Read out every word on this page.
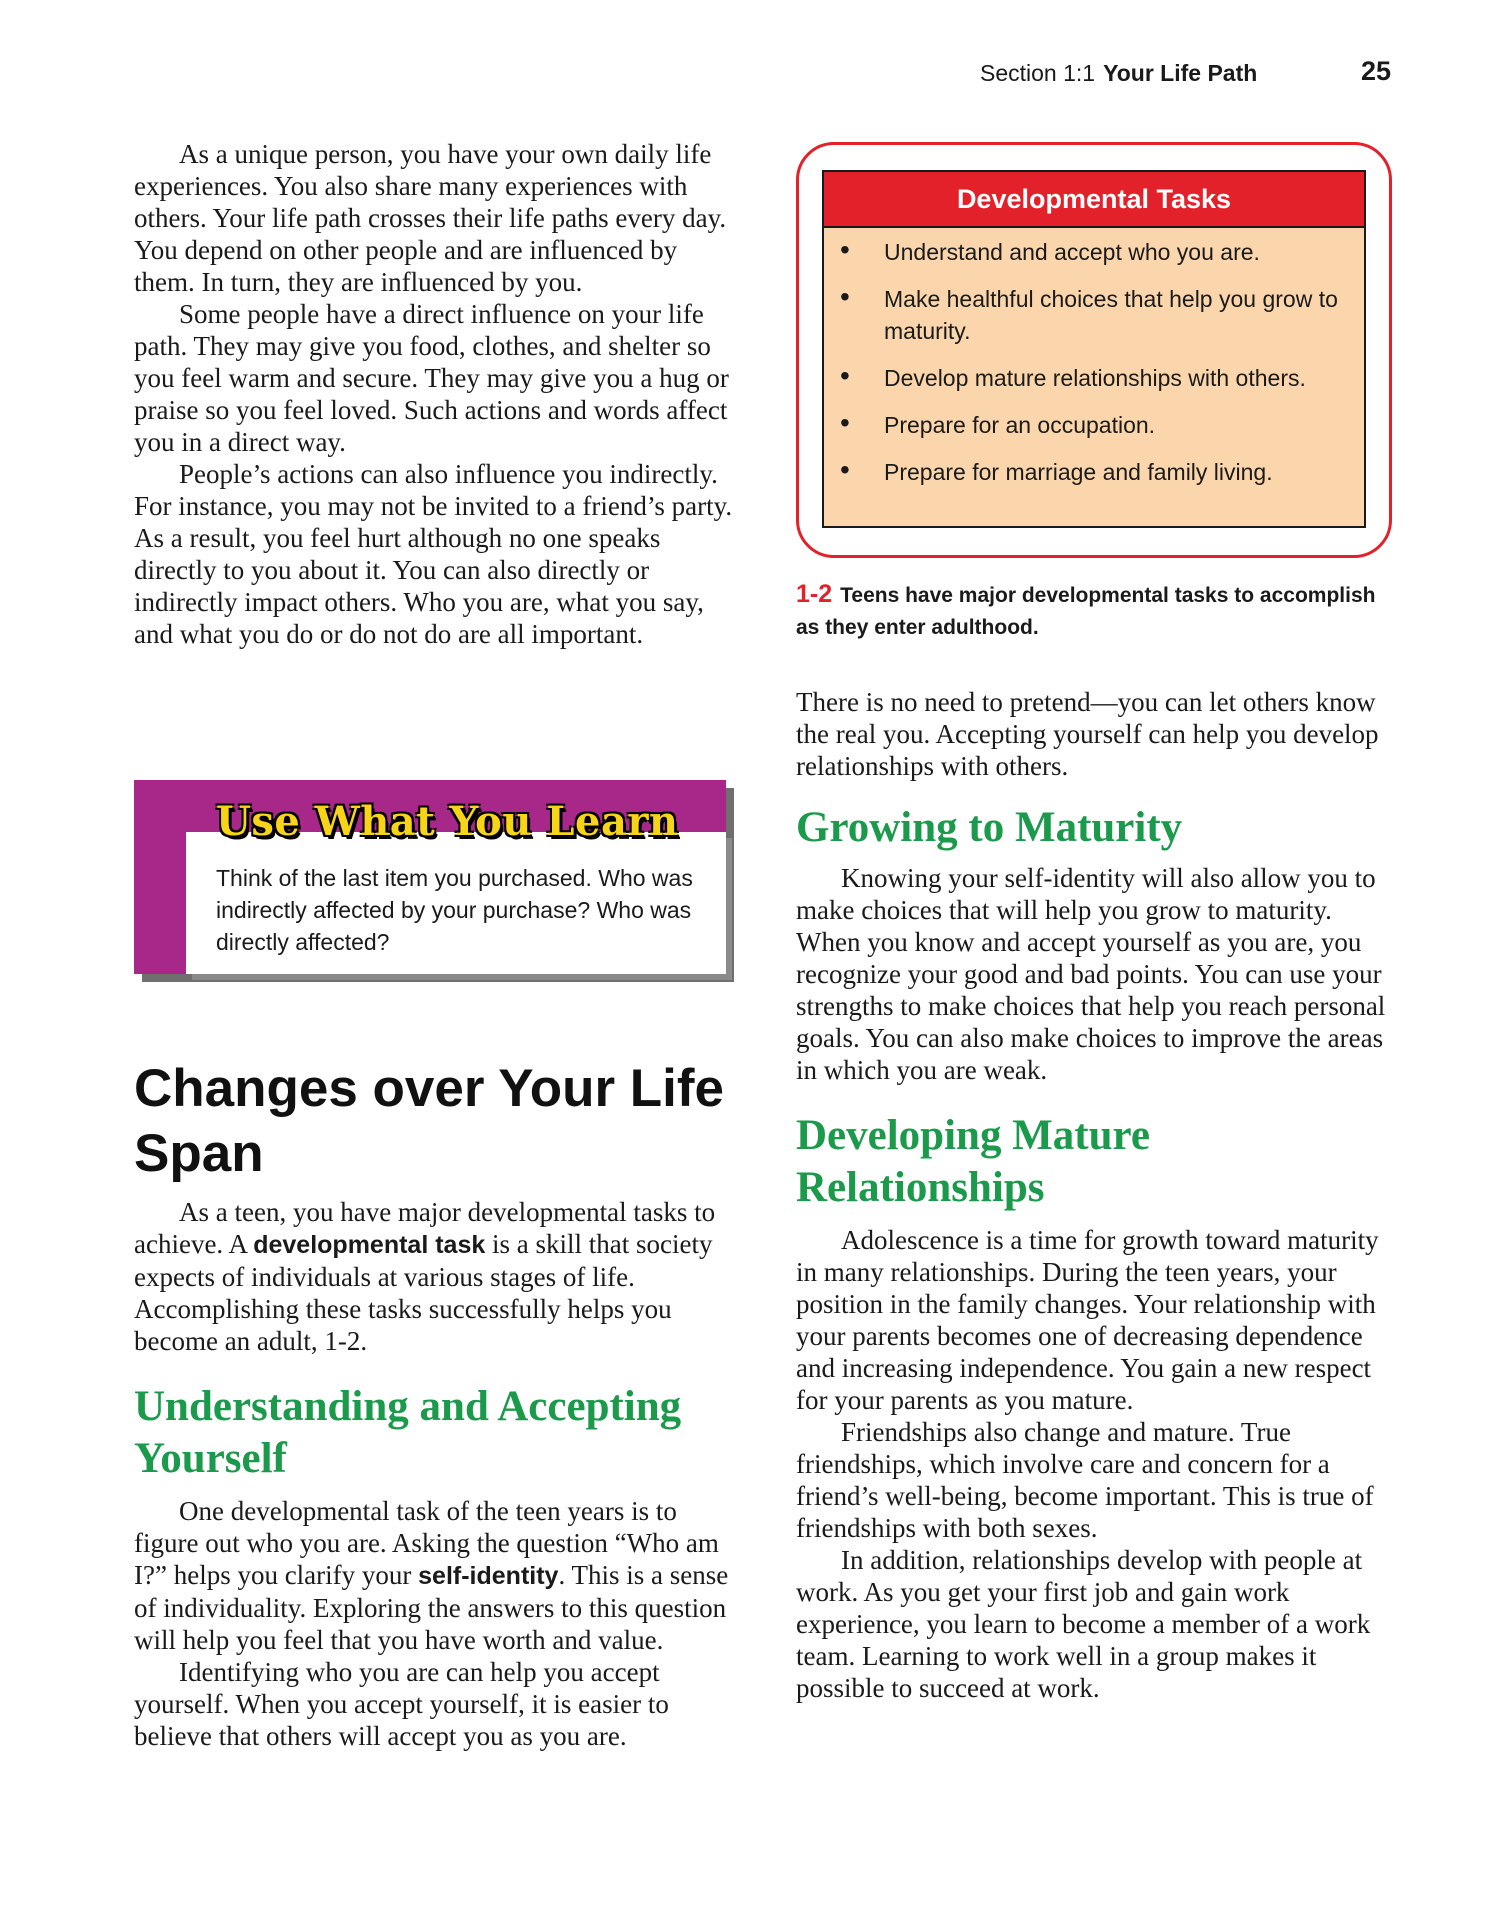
Section 1:1 Your Life Path	25

As a unique person, you have your own daily life experiences. You also share many experiences with others. Your life path crosses their life paths every day. You depend on other people and are influenced by them. In turn, they are influenced by you.

Some people have a direct influence on your life path. They may give you food, clothes, and shelter so you feel warm and secure. They may give you a hug or praise so you feel loved. Such actions and words affect you in a direct way.

People’s actions can also influence you indirectly. For instance, you may not be invited to a friend’s party. As a result, you feel hurt although no one speaks directly to you about it. You can also directly or indirectly impact others. Who you are, what you say, and what you do or do not do are all important.

Use What You Learn
Think of the last item you purchased. Who was indirectly affected by your purchase? Who was directly affected?
Changes over Your Life Span

As a teen, you have major developmental tasks to achieve. A developmental task is a skill that society expects of individuals at various stages of life. Accomplishing these tasks successfully helps you become an adult, 1-2.

Understanding and Accepting Yourself

One developmental task of the teen years is to figure out who you are. Asking the question “Who am I?” helps you clarify your self-identity. This is a sense of individuality. Exploring the answers to this question will help you feel that you have worth and value.

Identifying who you are can help you accept yourself. When you accept yourself, it is easier to believe that others will accept you as you are.

Developmental Tasks
• Understand and accept who you are.
• Make healthful choices that help you grow to maturity.
• Develop mature relationships with others.
• Prepare for an occupation.
• Prepare for marriage and family living.
1-2 Teens have major developmental tasks to accomplish as they enter adulthood.

There is no need to pretend—you can let others know the real you. Accepting yourself can help you develop relationships with others.

Growing to Maturity

Knowing your self-identity will also allow you to make choices that will help you grow to maturity. When you know and accept yourself as you are, you recognize your good and bad points. You can use your strengths to make choices that help you reach personal goals. You can also make choices to improve the areas in which you are weak.

Developing Mature Relationships

Adolescence is a time for growth toward maturity in many relationships. During the teen years, your position in the family changes. Your relationship with your parents becomes one of decreasing dependence and increasing independence. You gain a new respect for your parents as you mature.

Friendships also change and mature. True friendships, which involve care and concern for a friend’s well-being, become important. This is true of friendships with both sexes.

In addition, relationships develop with people at work. As you get your first job and gain work experience, you learn to become a member of a work team. Learning to work well in a group makes it possible to succeed at work.
